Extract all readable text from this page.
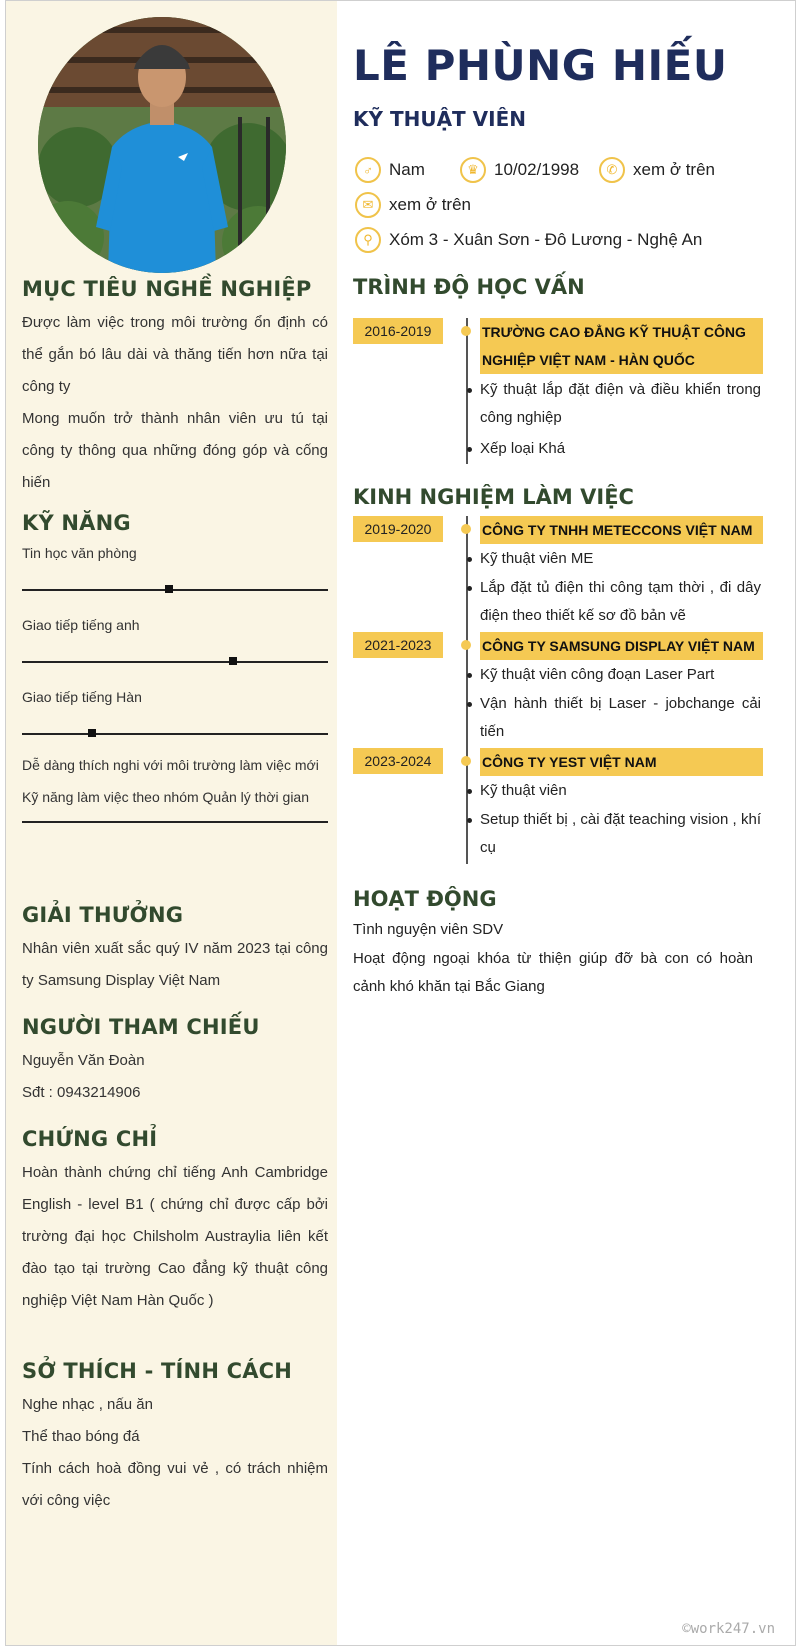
MỤC TIÊU NGHỀ NGHIỆP

Được làm việc trong môi trường ổn định có thể gắn bó lâu dài và thăng tiến hơn nữa tại công ty

Mong muốn trở thành nhân viên ưu tú tại công ty thông qua những đóng góp và cống hiến

KỸ NĂNG

Tin học văn phòng

Giao tiếp tiếng anh

Giao tiếp tiếng Hàn

Dễ dàng thích nghi với môi trường làm việc mới Kỹ năng làm việc theo nhóm Quản lý thời gian

GIẢI THƯỞNG

Nhân viên xuất sắc quý IV năm 2023 tại công ty Samsung Display Việt Nam

NGƯỜI THAM CHIẾU

Nguyễn Văn Đoàn

Sđt : 0943214906

CHỨNG CHỈ

Hoàn thành chứng chỉ tiếng Anh Cambridge English - level B1 ( chứng chỉ được cấp bởi trường đại học Chilsholm Austraylia liên kết đào tạo tại trường Cao đẳng kỹ thuật công nghiệp Việt Nam Hàn Quốc )

SỞ THÍCH - TÍNH CÁCH

Nghe nhạc , nấu ăn

Thể thao bóng đá

Tính cách hoà đồng vui vẻ , có trách nhiệm với công việc

LÊ PHÙNG HIẾU
KỸ THUẬT VIÊN
♂ Nam	♛ 10/02/1998	✆ xem ở trên
✉ xem ở trên
⚲ Xóm 3 - Xuân Sơn - Đô Lương - Nghệ An
TRÌNH ĐỘ HỌC VẤN
2016-2019	TRƯỜNG CAO ĐẲNG KỸ THUẬT CÔNG NGHIỆP VIỆT NAM - HÀN QUỐC
Kỹ thuật lắp đặt điện và điều khiển trong công nghiệp
Xếp loại Khá
KINH NGHIỆM LÀM VIỆC
2019-2020	CÔNG TY TNHH METECCONS VIỆT NAM
Kỹ thuật viên ME
Lắp đặt tủ điện thi công tạm thời , đi dây điện theo thiết kế sơ đồ bản vẽ
2021-2023	CÔNG TY SAMSUNG DISPLAY VIỆT NAM
Kỹ thuật viên công đoạn Laser Part
Vận hành thiết bị Laser - jobchange cải tiến
2023-2024	CÔNG TY YEST VIỆT NAM
Kỹ thuật viên
Setup thiết bị , cài đặt teaching vision , khí cụ
HOẠT ĐỘNG
Tình nguyện viên SDV
Hoạt động ngoại khóa từ thiện giúp đỡ bà con có hoàn cảnh khó khăn tại Bắc Giang
©work247.vn
